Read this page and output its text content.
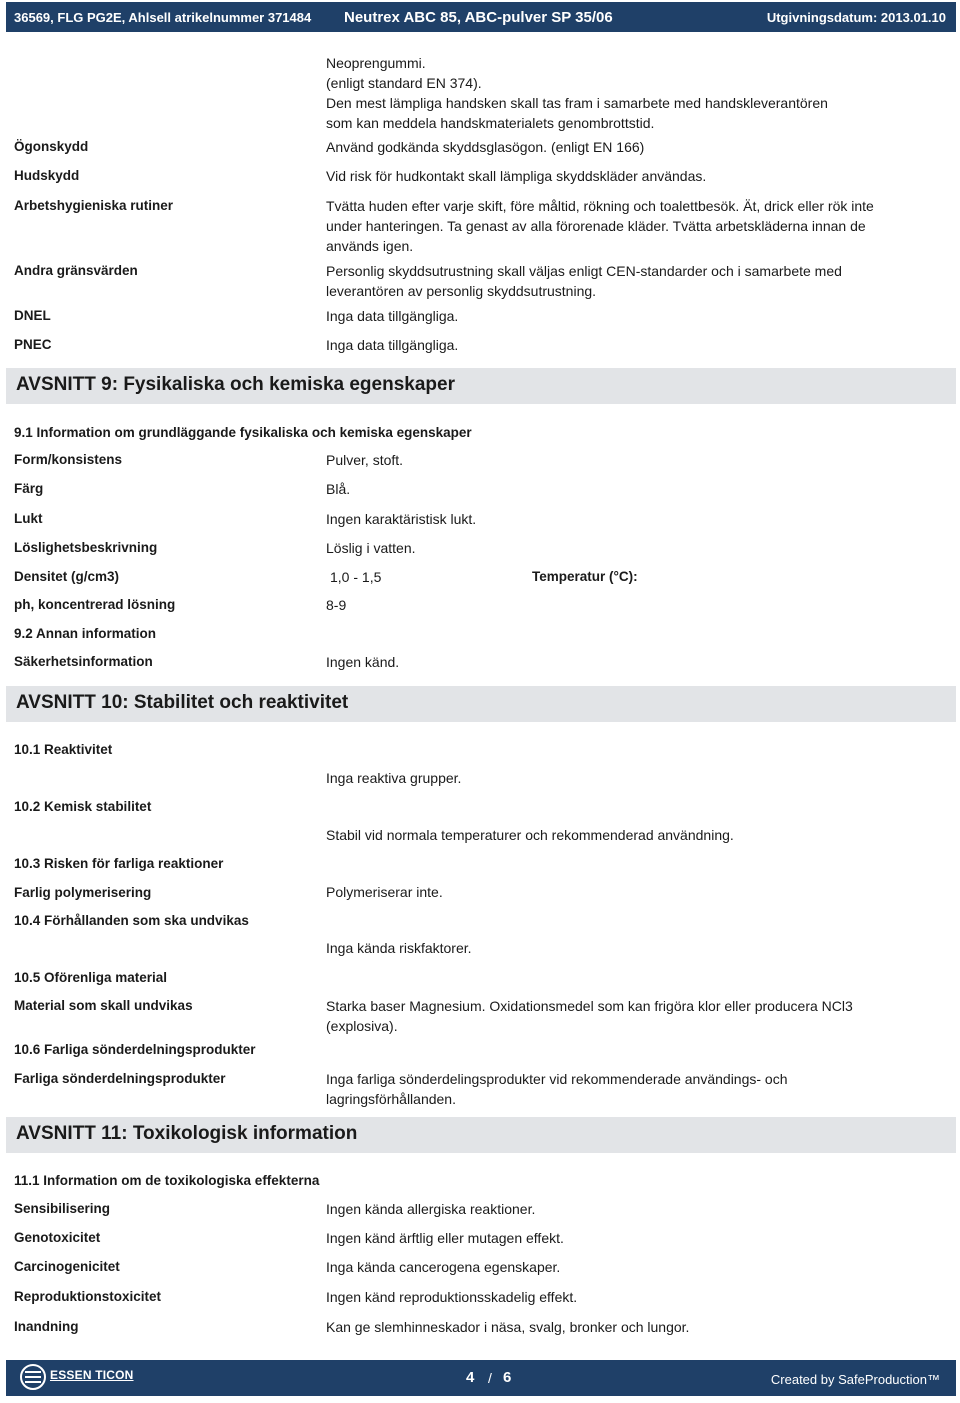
36569, FLG PG2E, Ahlsell atrikelnummer 371484 Neutrex ABC 85, ABC-pulver SP 35/06	Utgivningsdatum: 2013.01.10
Neoprengummi.
(enligt standard EN 374).
Den mest lämpliga handsken skall tas fram i samarbete med handskleverantören
som kan meddela handskmaterialets genombrottstid.
Ögonskydd	Använd godkända skyddsglasögon. (enligt EN 166)
Hudskydd	Vid risk för hudkontakt skall lämpliga skyddskläder användas.
Arbetshygieniska rutiner	Tvätta huden efter varje skift, före måltid, rökning och toalettbesök. Ät, drick eller rök inte under hanteringen. Ta genast av alla förorenade kläder. Tvätta arbetskläderna innan de används igen.
Andra gränsvärden	Personlig skyddsutrustning skall väljas enligt CEN-standarder och i samarbete med leverantören av personlig skyddsutrustning.
DNEL	Inga data tillgängliga.
PNEC	Inga data tillgängliga.
AVSNITT 9: Fysikaliska och kemiska egenskaper
9.1 Information om grundläggande fysikaliska och kemiska egenskaper
Form/konsistens	Pulver, stoft.
Färg	Blå.
Lukt	Ingen karaktäristisk lukt.
Löslighetsbeskrivning	Löslig i vatten.
Densitet (g/cm3)	1,0 - 1,5	Temperatur (°C):
ph, koncentrerad lösning	8-9
9.2 Annan information
Säkerhetsinformation	Ingen känd.
AVSNITT 10: Stabilitet och reaktivitet
10.1 Reaktivitet
Inga reaktiva grupper.
10.2 Kemisk stabilitet
Stabil vid normala temperaturer och rekommenderad användning.
10.3 Risken för farliga reaktioner
Farlig polymerisering	Polymeriserar inte.
10.4 Förhållanden som ska undvikas
Inga kända riskfaktorer.
10.5 Oförenliga material
Material som skall undvikas	Starka baser Magnesium. Oxidationsmedel som kan frigöra klor eller producera NCl3 (explosiva).
10.6 Farliga sönderdelningsprodukter
Farliga sönderdelningsprodukter	Inga farliga sönderdelingsprodukter vid rekommenderade användings- och lagringsförhållanden.
AVSNITT 11: Toxikologisk information
11.1 Information om de toxikologiska effekterna
Sensibilisering	Ingen kända allergiska reaktioner.
Genotoxicitet	Ingen känd ärftlig eller mutagen effekt.
Carcinogenicitet	Inga kända cancerogena egenskaper.
Reproduktionstoxicitet	Ingen känd reproduktionsskadelig effekt.
Inandning	Kan ge slemhinneskador i näsa, svalg, bronker och lungor.
ESSEN TICON	4 / 6	Created by SafeProduction™
